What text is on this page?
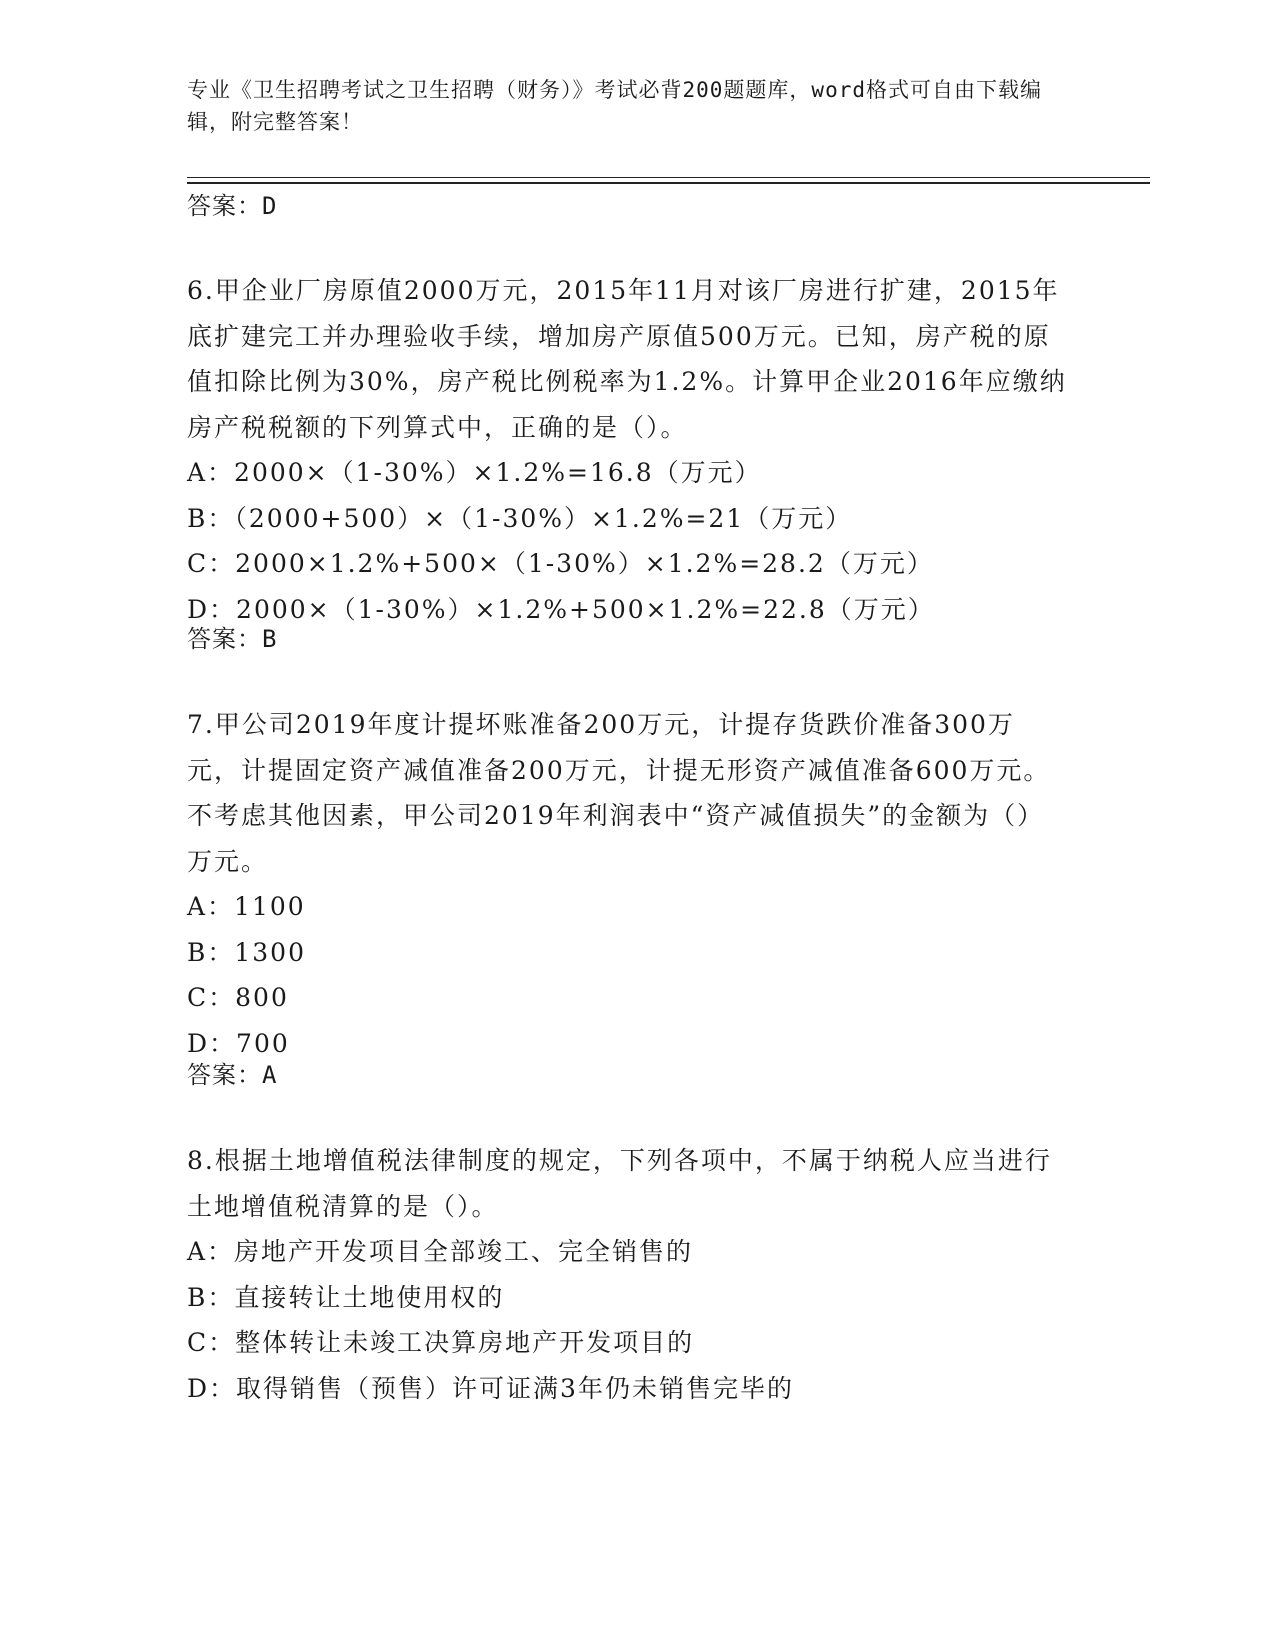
专业《卫生招聘考试之卫生招聘（财务）》考试必背200题题库，word格式可自由下载编辑，附完整答案！
答案：D

6.甲企业厂房原值2000万元，2015年11月对该厂房进行扩建，2015年底扩建完工并办理验收手续，增加房产原值500万元。已知，房产税的原值扣除比例为30%，房产税比例税率为1.2%。计算甲企业2016年应缴纳房产税税额的下列算式中，正确的是（）。

A：2000×（1-30%）×1.2%=16.8（万元）

B：（2000+500）×（1-30%）×1.2%=21（万元）

C：2000×1.2%+500×（1-30%）×1.2%=28.2（万元）

D：2000×（1-30%）×1.2%+500×1.2%=22.8（万元）

答案：B

7.甲公司2019年度计提坏账准备200万元，计提存货跌价准备300万元，计提固定资产减值准备200万元，计提无形资产减值准备600万元。不考虑其他因素，甲公司2019年利润表中“资产减值损失”的金额为（）万元。

A：1100

B：1300

C：800

D：700

答案：A

8.根据土地增值税法律制度的规定，下列各项中，不属于纳税人应当进行土地增值税清算的是（）。

A：房地产开发项目全部竣工、完全销售的

B：直接转让土地使用权的

C：整体转让未竣工决算房地产开发项目的

D：取得销售（预售）许可证满3年仍未销售完毕的
